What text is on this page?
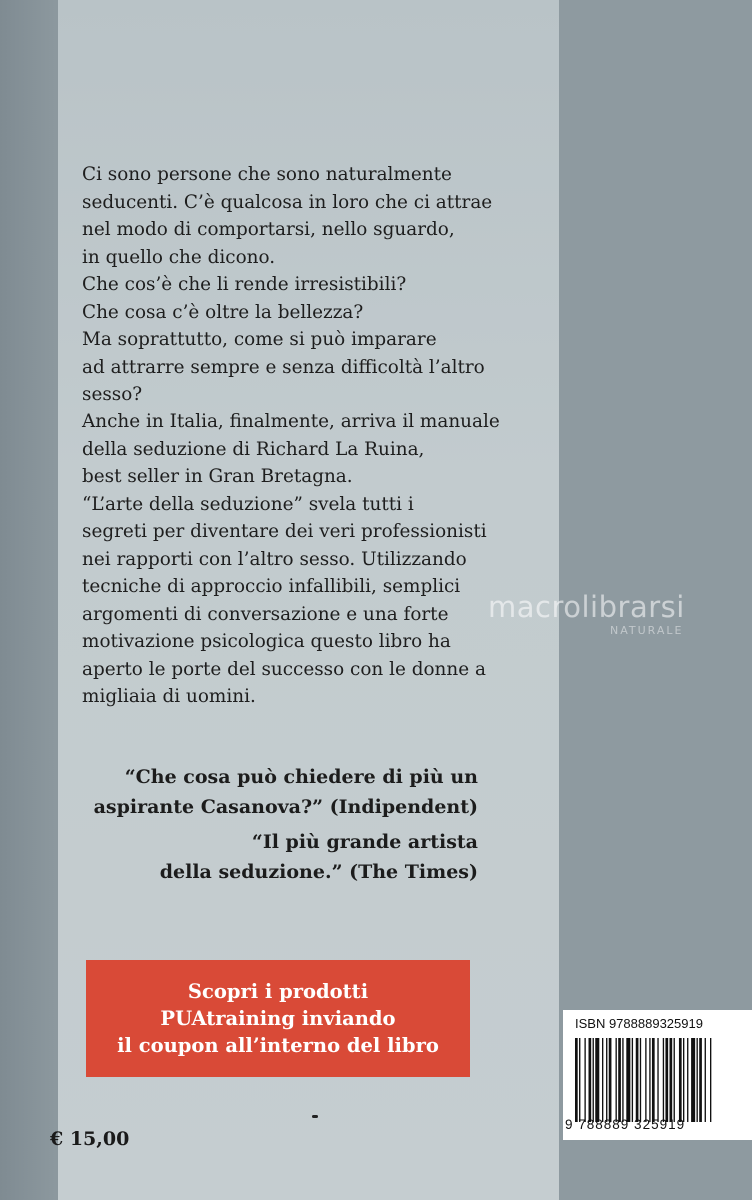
Ci sono persone che sono naturalmente
seducenti. C’è qualcosa in loro che ci attrae
nel modo di comportarsi, nello sguardo,
in quello che dicono.
Che cos’è che li rende irresistibili?
Che cosa c’è oltre la bellezza?
Ma soprattutto, come si può imparare
ad attrarre sempre e senza difficoltà l’altro
sesso?
Anche in Italia, finalmente, arriva il manuale
della seduzione di Richard La Ruina,
best seller in Gran Bretagna.
“L’arte della seduzione” svela tutti i
segreti per diventare dei veri professionisti
nei rapporti con l’altro sesso. Utilizzando
tecniche di approccio infallibili, semplici
argomenti di conversazione e una forte
motivazione psicologica questo libro ha
aperto le porte del successo con le donne a
migliaia di uomini.
macrolibrarsi
NATURALE
“Che cosa può chiedere di più un
aspirante Casanova?” (Indipendent)
“Il più grande artista
della seduzione.” (The Times)
Scopri i prodotti
PUAtraining inviando
il coupon all’interno del libro
€ 15,00
ISBN 9788889325919
9 788889 325919
